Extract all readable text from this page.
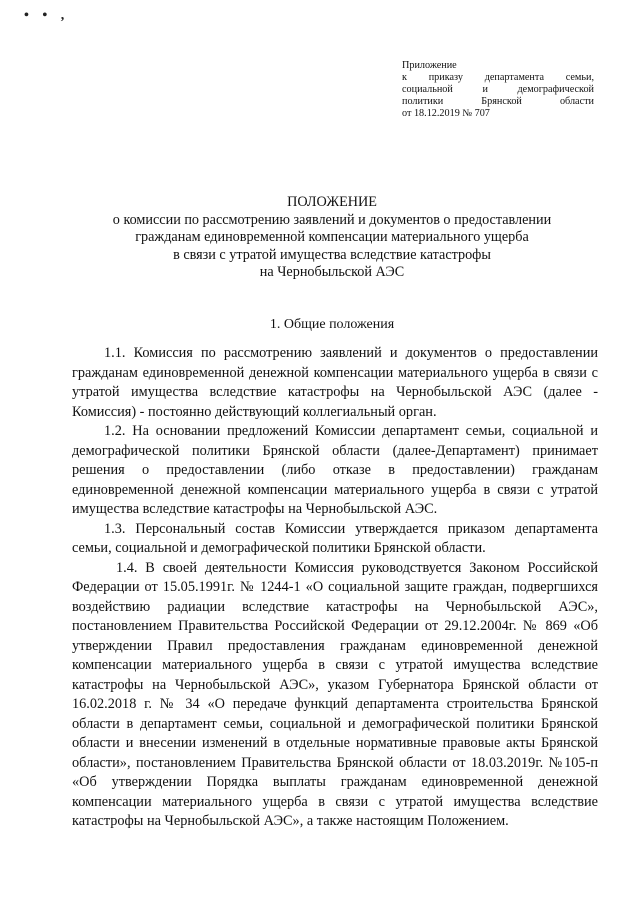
• • ,
Приложение
к приказу департамента семьи,
социальной и демографической
политики Брянской области
от 18.12.2019 № 707
ПОЛОЖЕНИЕ
о комиссии по рассмотрению заявлений и документов о предоставлении
гражданам единовременной компенсации материального ущерба
в связи с утратой имущества вследствие катастрофы
на Чернобыльской АЭС
1. Общие положения

1.1. Комиссия по рассмотрению заявлений и документов о предоставлении гражданам единовременной денежной компенсации материального ущерба в связи с утратой имущества вследствие катастрофы на Чернобыльской АЭС (далее - Комиссия) - постоянно действующий коллегиальный орган.

1.2. На основании предложений Комиссии департамент семьи, социальной и демографической политики Брянской области (далее-Департамент) принимает решения о предоставлении (либо отказе в предоставлении) гражданам единовременной денежной компенсации материального ущерба в связи с утратой имущества вследствие катастрофы на Чернобыльской АЭС.

1.3. Персональный состав Комиссии утверждается приказом департамента семьи, социальной и демографической политики Брянской области.

1.4. В своей деятельности Комиссия руководствуется Законом Российской Федерации от 15.05.1991г. № 1244-1 «О социальной защите граждан, подвергшихся воздействию радиации вследствие катастрофы на Чернобыльской АЭС», постановлением Правительства Российской Федерации от 29.12.2004г. № 869 «Об утверждении Правил предоставления гражданам единовременной денежной компенсации материального ущерба в связи с утратой имущества вследствие катастрофы на Чернобыльской АЭС», указом Губернатора Брянской области от 16.02.2018 г. № 34 «О передаче функций департамента строительства Брянской области в департамент семьи, социальной и демографической политики Брянской области и внесении изменений в отдельные нормативные правовые акты Брянской области», постановлением Правительства Брянской области от 18.03.2019г. №105-п «Об утверждении Порядка выплаты гражданам единовременной денежной компенсации материального ущерба в связи с утратой имущества вследствие катастрофы на Чернобыльской АЭС», а также настоящим Положением.
